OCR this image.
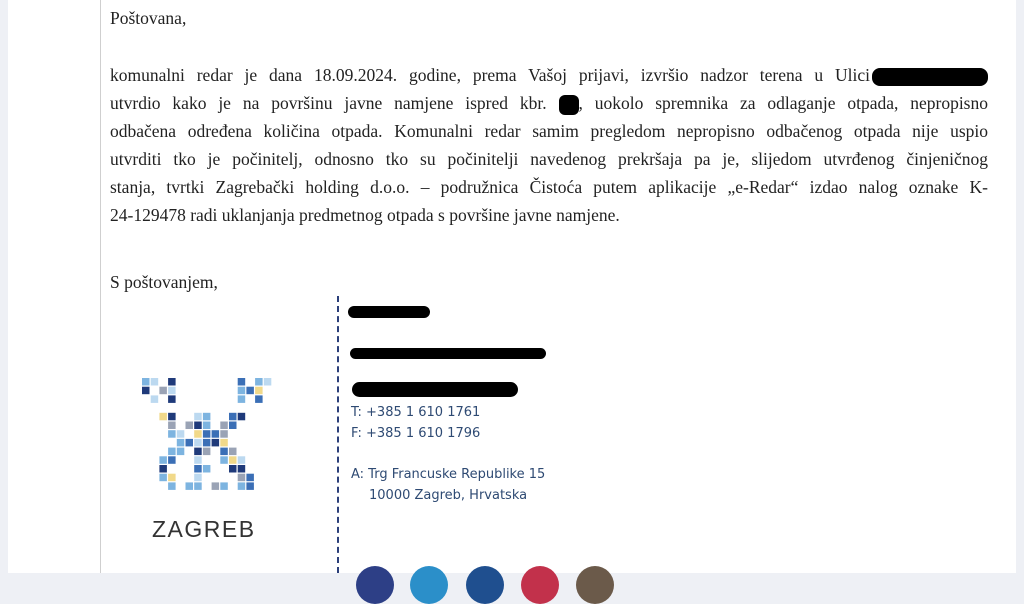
Poštovana,

komunalni redar je dana 18.09.2024. godine, prema Vašoj prijavi, izvršio nadzor terena u Ulici
utvrdio kako je na površinu javne namjene ispred kbr. , uokolo spremnika za odlaganje otpada, nepropisno
odbačena određena količina otpada. Komunalni redar samim pregledom nepropisno odbačenog otpada nije uspio
utvrditi tko je počinitelj, odnosno tko su počinitelji navedenog prekršaja pa je, slijedom utvrđenog činjeničnog
stanja, tvrtki Zagrebački holding d.o.o. – podružnica Čistoća putem aplikacije „e-Redar“ izdao nalog oznake K-
24-129478 radi uklanjanja predmetnog otpada s površine javne namjene.

S poštovanjem,

ZAGREB
T: +385 1 610 1761
F: +385 1 610 1796
A: Trg Francuske Republike 15
10000 Zagreb, Hrvatska
